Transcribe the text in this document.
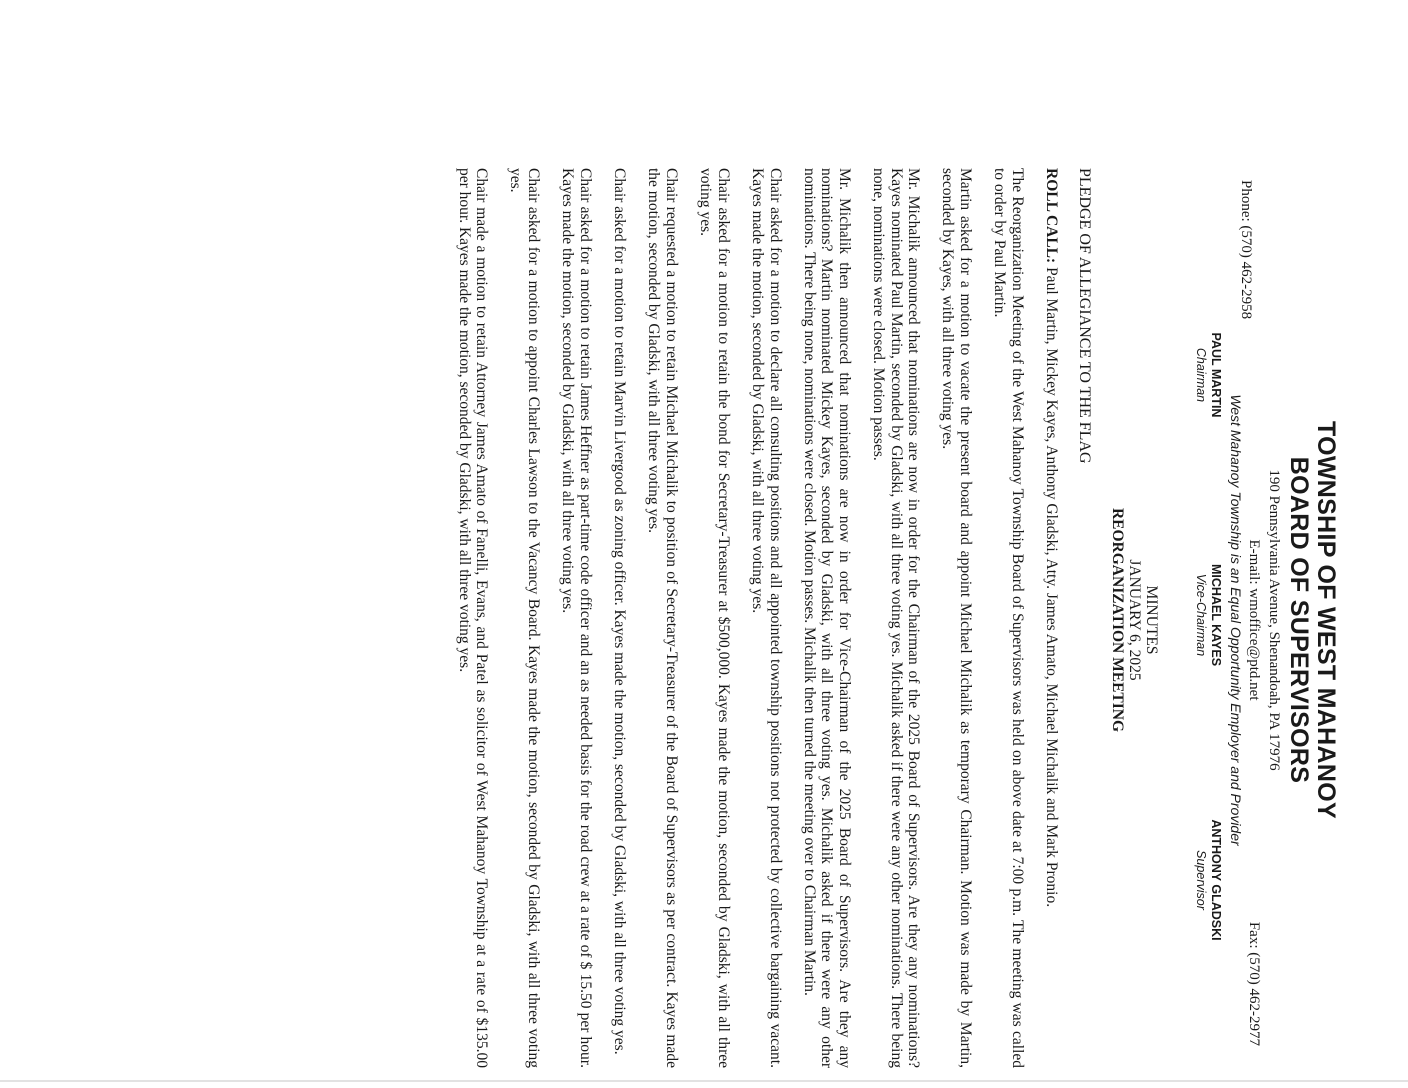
TOWNSHIP OF WEST MAHANOY
BOARD OF SUPERVISORS
190 Pennsylvania Avenue, Shenandoah, PA 17976
Phone: (570) 462-2958
E-mail: wmoffice@ptd.net
Fax: (570) 462-2977
West Mahanoy Township is an Equal Opportunity Employer and Provider
PAUL MARTIN
Chairman
MICHAEL KAYES
Vice-Chairman
ANTHONY GLADSKI
Supervisor
MINUTES
JANUARY 6, 2025
REORGANIZATION MEETING
PLEDGE OF ALLEGIANCE TO THE FLAG

ROLL CALL: Paul Martin, Mickey Kayes, Anthony Gladski, Atty. James Amato, Michael Michalik and Mark Pronio.

The Reorganization Meeting of the West Mahanoy Township Board of Supervisors was held on above date at 7:00 p.m. The meeting was called to order by Paul Martin.

Martin asked for a motion to vacate the present board and appoint Michael Michalik as temporary Chairman. Motion was made by Martin, seconded by Kayes, with all three voting yes.

Mr. Michalik announced that nominations are now in order for the Chairman of the 2025 Board of Supervisors. Are they any nominations? Kayes nominated Paul Martin, seconded by Gladski, with all three voting yes. Michalik asked if there were any other nominations. There being none, nominations were closed. Motion passes.

Mr. Michalik then announced that nominations are now in order for Vice-Chairman of the 2025 Board of Supervisors. Are they any nominations? Martin nominated Mickey Kayes, seconded by Gladski, with all three voting yes. Michalik asked if there were any other nominations. There being none, nominations were closed. Motion passes. Michalik then turned the meeting over to Chairman Martin.

Chair asked for a motion to declare all consulting positions and all appointed township positions not protected by collective bargaining vacant. Kayes made the motion, seconded by Gladski, with all three voting yes.

Chair asked for a motion to retain the bond for Secretary-Treasurer at $500,000. Kayes made the motion, seconded by Gladski, with all three voting yes.

Chair requested a motion to retain Michael Michalik to position of Secretary-Treasurer of the Board of Supervisors as per contract. Kayes made the motion, seconded by Gladski, with all three voting yes.

Chair asked for a motion to retain Marvin Livergood as zoning officer. Kayes made the motion, seconded by Gladski, with all three voting yes.

Chair asked for a motion to retain James Heffner as part-time code officer and an as needed basis for the road crew at a rate of $ 15.50 per hour. Kayes made the motion, seconded by Gladski, with all three voting yes.

Chair asked for a motion to appoint Charles Lawson to the Vacancy Board. Kayes made the motion, seconded by Gladski, with all three voting yes.

Chair made a motion to retain Attorney James Amato of Fanelli, Evans, and Patel as solicitor of West Mahanoy Township at a rate of $135.00 per hour. Kayes made the motion, seconded by Gladski, with all three voting yes.
